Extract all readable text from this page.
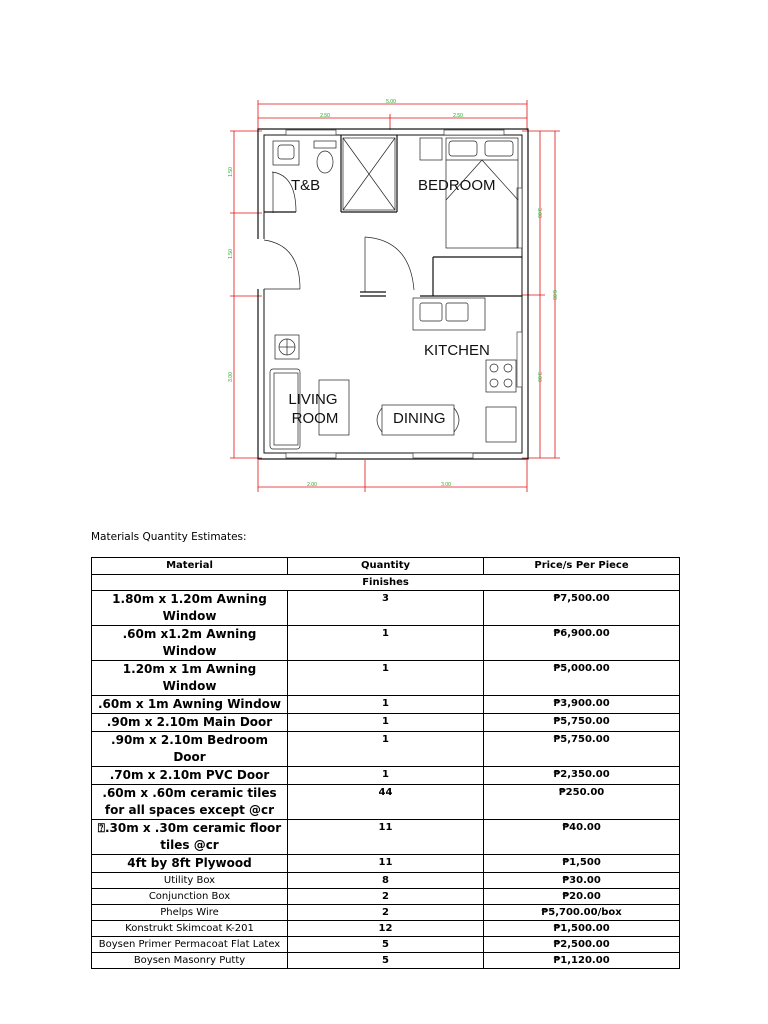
5.00
2.50	2.50
1.50
1.50
3.00
3.00
6.00
3.00
2.00	3.00
T&B	BEDROOM
KITCHEN
LIVING ROOM	DINING
Materials Quantity Estimates:
Material	Quantity	Price/s Per Piece
Finishes		
1.80m x 1.20m Awning Window	3	₱7,500.00
.60m x1.2m Awning Window	1	₱6,900.00
1.20m x 1m Awning Window	1	₱5,000.00
.60m x 1m Awning Window	1	₱3,900.00
.90m x 2.10m Main Door	1	₱5,750.00
.90m x 2.10m Bedroom Door	1	₱5,750.00
.70m x 2.10m PVC Door	1	₱2,350.00
.60m x .60m ceramic tiles for all spaces except @cr	44	₱250.00
⍰.30m x .30m ceramic floor tiles @cr	11	₱40.00
4ft by 8ft Plywood	11	₱1,500
Utility Box	8	₱30.00
Conjunction Box	2	₱20.00
Phelps Wire	2	₱5,700.00/box
Konstrukt Skimcoat K-201	12	₱1,500.00
Boysen Primer Permacoat Flat Latex	5	₱2,500.00
Boysen Masonry Putty	5	₱1,120.00
